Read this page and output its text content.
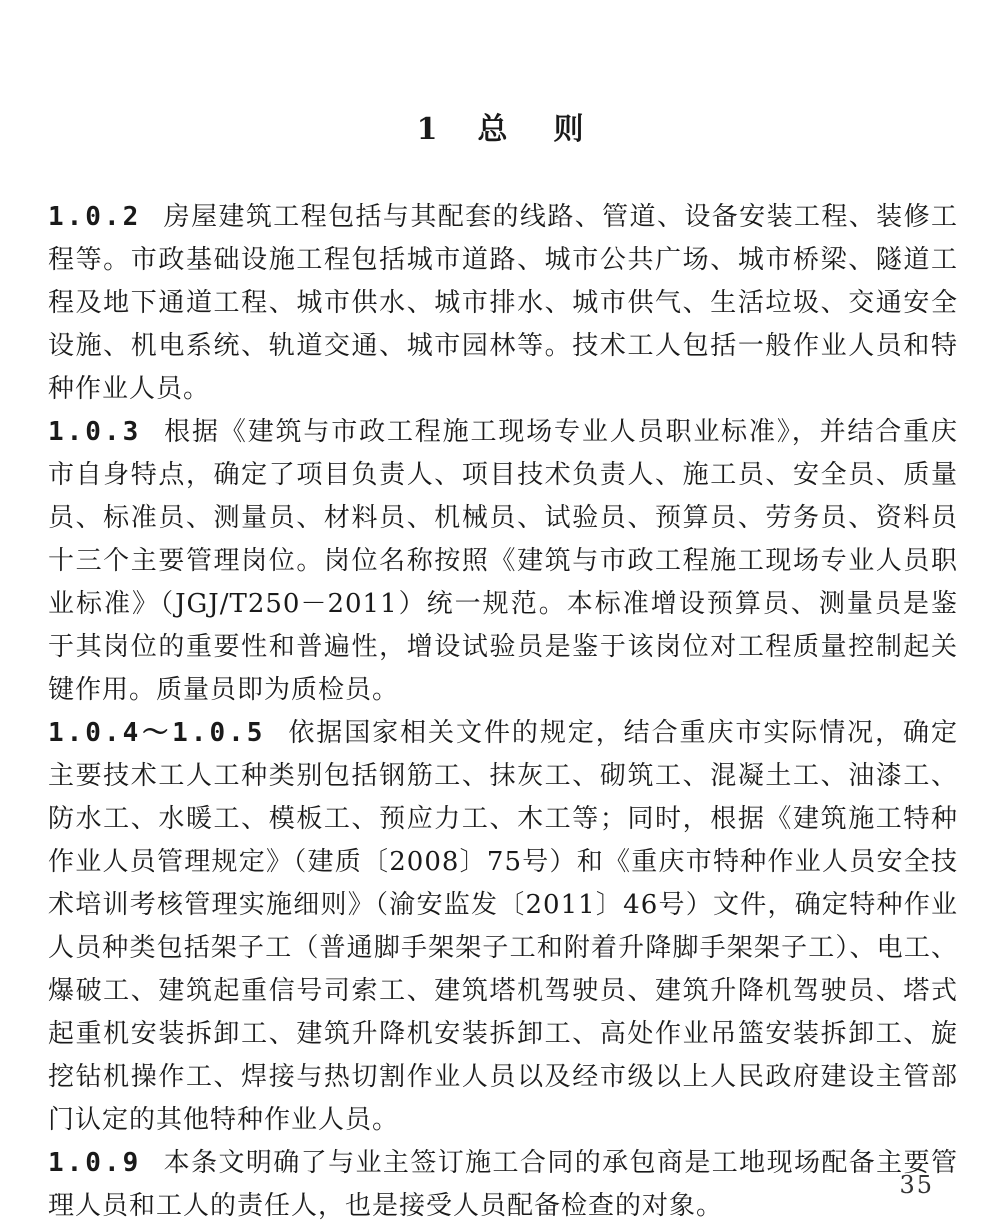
1 总 则

1.0.2 房屋建筑工程包括与其配套的线路、管道、设备安装工程、装修工程等。市政基础设施工程包括城市道路、城市公共广场、城市桥梁、隧道工程及地下通道工程、城市供水、城市排水、城市供气、生活垃圾、交通安全设施、机电系统、轨道交通、城市园林等。技术工人包括一般作业人员和特种作业人员。

1.0.3 根据《建筑与市政工程施工现场专业人员职业标准》，并结合重庆市自身特点，确定了项目负责人、项目技术负责人、施工员、安全员、质量员、标准员、测量员、材料员、机械员、试验员、预算员、劳务员、资料员十三个主要管理岗位。岗位名称按照《建筑与市政工程施工现场专业人员职业标准》（JGJ/T250－2011）统一规范。本标准增设预算员、测量员是鉴于其岗位的重要性和普遍性，增设试验员是鉴于该岗位对工程质量控制起关键作用。质量员即为质检员。

1.0.4～1.0.5 依据国家相关文件的规定，结合重庆市实际情况，确定主要技术工人工种类别包括钢筋工、抹灰工、砌筑工、混凝土工、油漆工、防水工、水暖工、模板工、预应力工、木工等；同时，根据《建筑施工特种作业人员管理规定》（建质〔2008〕75号）和《重庆市特种作业人员安全技术培训考核管理实施细则》（渝安监发〔2011〕46号）文件，确定特种作业人员种类包括架子工（普通脚手架架子工和附着升降脚手架架子工）、电工、爆破工、建筑起重信号司索工、建筑塔机驾驶员、建筑升降机驾驶员、塔式起重机安装拆卸工、建筑升降机安装拆卸工、高处作业吊篮安装拆卸工、旋挖钻机操作工、焊接与热切割作业人员以及经市级以上人民政府建设主管部门认定的其他特种作业人员。

1.0.9 本条文明确了与业主签订施工合同的承包商是工地现场配备主要管理人员和工人的责任人，也是接受人员配备检查的对象。

35
